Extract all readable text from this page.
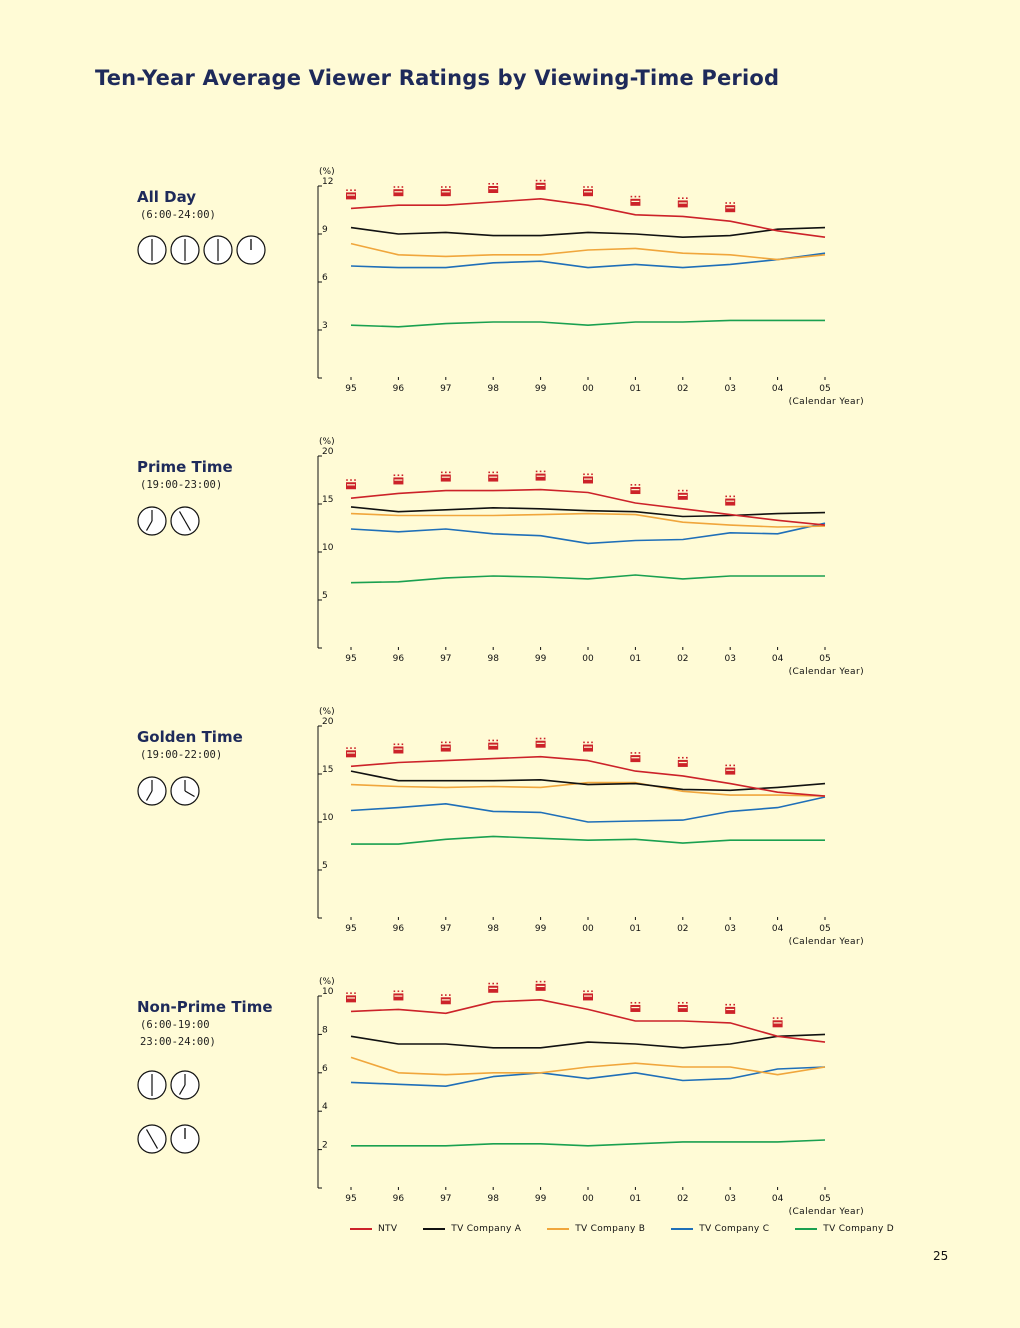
Ten-Year Average Viewer Ratings by Viewing-Time Period
All Day
(6:00-24:00)
Prime Time
(19:00-23:00)
Golden Time
(19:00-22:00)
Non-Prime Time
(6:00-19:00
23:00-24:00)
(%)
3
6
9
12
95	96	97	98	99	00	01	02	03	04	05
(Calendar Year)
(%)
5
10
15
20
95	96	97	98	99	00	01	02	03	04	05
(Calendar Year)
(%)
5
10
15
20
95	96	97	98	99	00	01	02	03	04	05
(Calendar Year)
(%)
2
4
6
8
10
95	96	97	98	99	00	01	02	03	04	05
(Calendar Year)
NTV	TV Company A	TV Company B	TV Company C	TV Company D
25
